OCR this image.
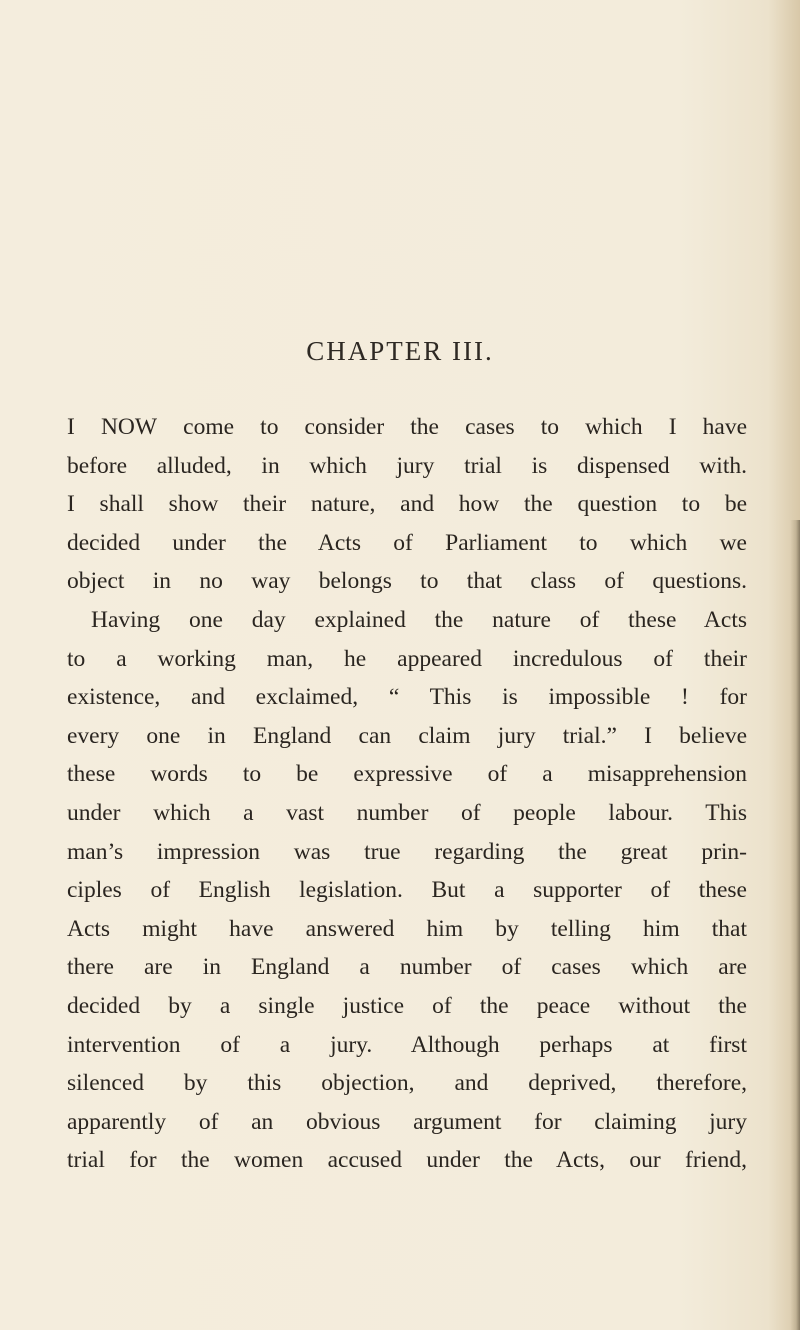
CHAPTER III.
I NOW come to consider the cases to which I have
before alluded, in which jury trial is dispensed with.
I shall show their nature, and how the question to be
decided under the Acts of Parliament to which we
object in no way belongs to that class of questions.
Having one day explained the nature of these Acts
to a working man, he appeared incredulous of their
existence, and exclaimed, “ This is impossible ! for
every one in England can claim jury trial.” I believe
these words to be expressive of a misapprehension
under which a vast number of people labour. This
man’s impression was true regarding the great prin-
ciples of English legislation. But a supporter of these
Acts might have answered him by telling him that
there are in England a number of cases which are
decided by a single justice of the peace without the
intervention of a jury. Although perhaps at first
silenced by this objection, and deprived, therefore,
apparently of an obvious argument for claiming jury
trial for the women accused under the Acts, our friend,
